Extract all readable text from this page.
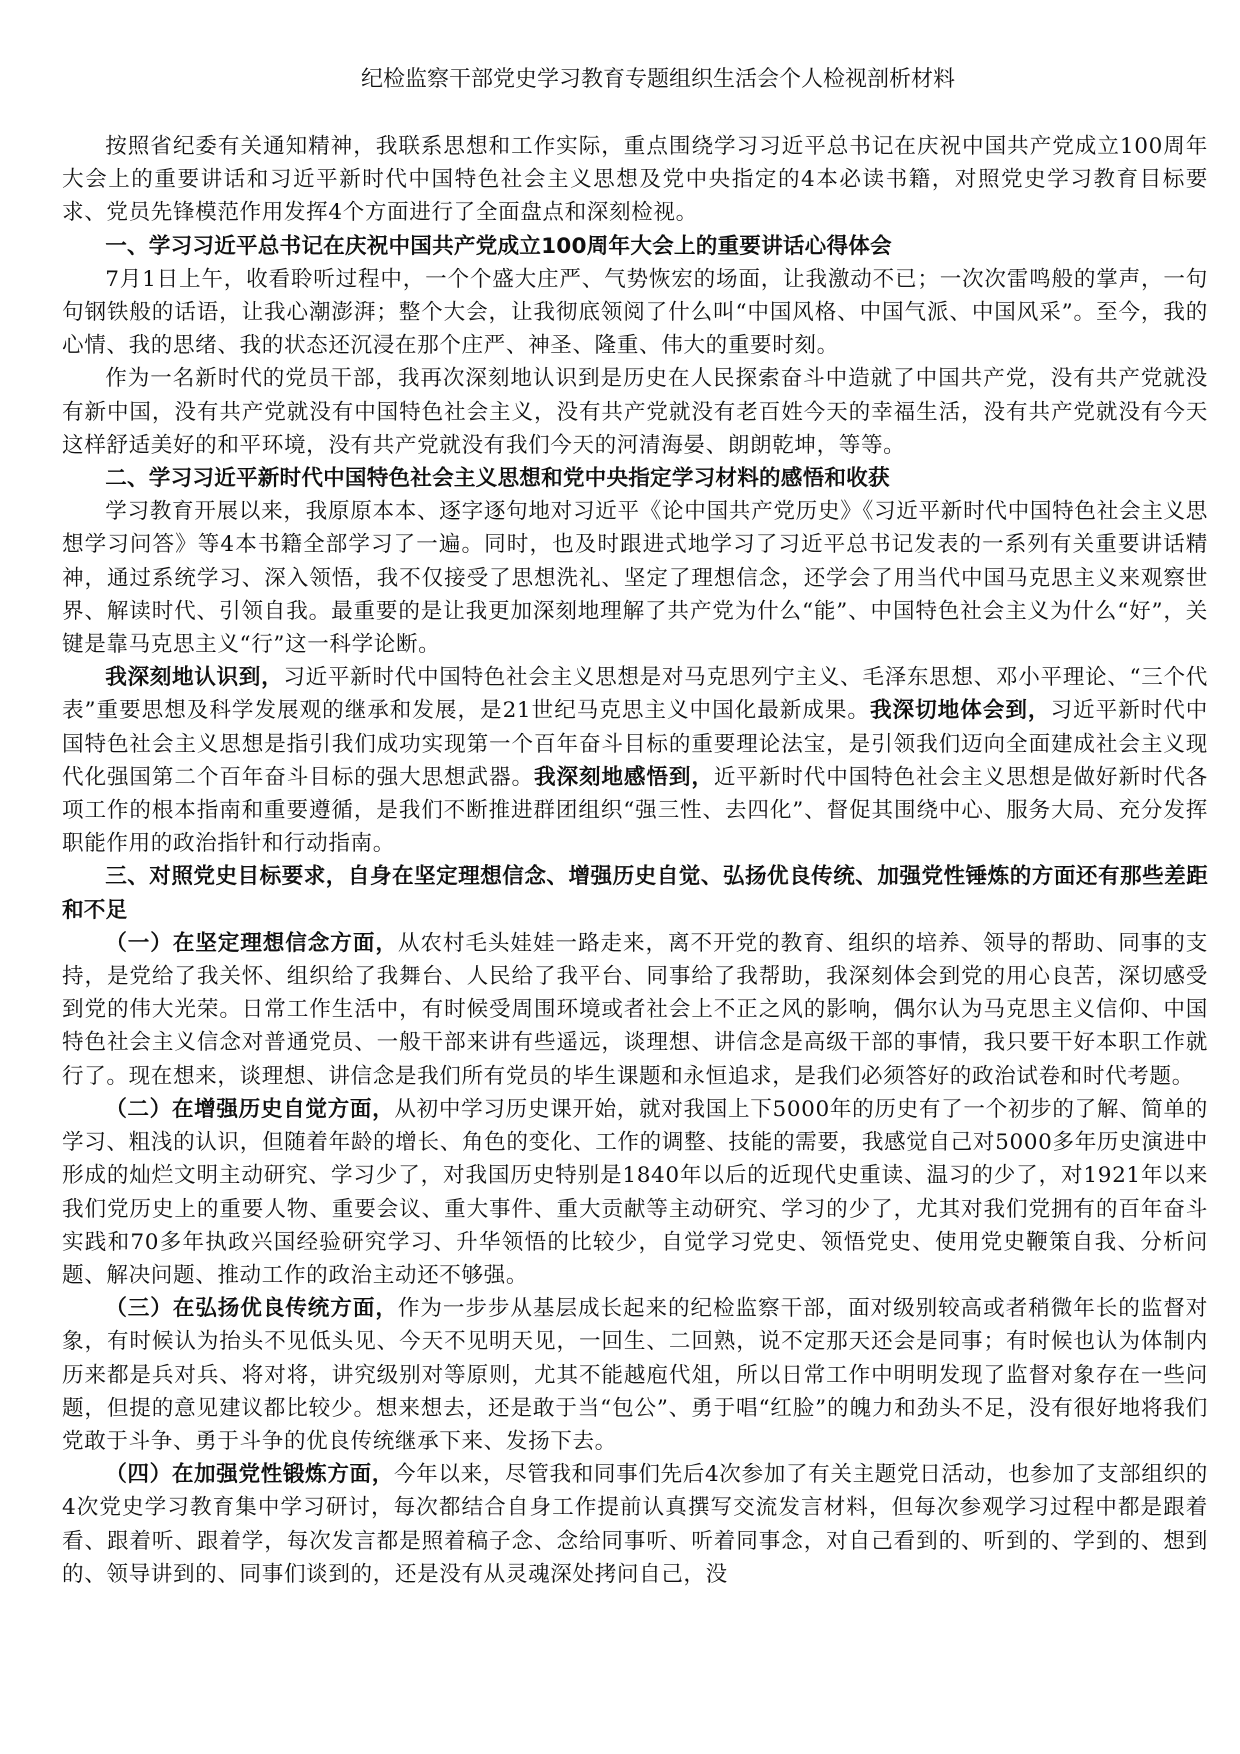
纪检监察干部党史学习教育专题组织生活会个人检视剖析材料

按照省纪委有关通知精神，我联系思想和工作实际，重点围绕学习习近平总书记在庆祝中国共产党成立100周年大会上的重要讲话和习近平新时代中国特色社会主义思想及党中央指定的4本必读书籍，对照党史学习教育目标要求、党员先锋模范作用发挥4个方面进行了全面盘点和深刻检视。

一、学习习近平总书记在庆祝中国共产党成立100周年大会上的重要讲话心得体会

7月1日上午，收看聆听过程中，一个个盛大庄严、气势恢宏的场面，让我激动不已；一次次雷鸣般的掌声，一句句钢铁般的话语，让我心潮澎湃；整个大会，让我彻底领阅了什么叫“中国风格、中国气派、中国风采”。至今，我的心情、我的思绪、我的状态还沉浸在那个庄严、神圣、隆重、伟大的重要时刻。

作为一名新时代的党员干部，我再次深刻地认识到是历史在人民探索奋斗中造就了中国共产党，没有共产党就没有新中国，没有共产党就没有中国特色社会主义，没有共产党就没有老百姓今天的幸福生活，没有共产党就没有今天这样舒适美好的和平环境，没有共产党就没有我们今天的河清海晏、朗朗乾坤，等等。

二、学习习近平新时代中国特色社会主义思想和党中央指定学习材料的感悟和收获

学习教育开展以来，我原原本本、逐字逐句地对习近平《论中国共产党历史》《习近平新时代中国特色社会主义思想学习问答》等4本书籍全部学习了一遍。同时，也及时跟进式地学习了习近平总书记发表的一系列有关重要讲话精神，通过系统学习、深入领悟，我不仅接受了思想洗礼、坚定了理想信念，还学会了用当代中国马克思主义来观察世界、解读时代、引领自我。最重要的是让我更加深刻地理解了共产党为什么“能”、中国特色社会主义为什么“好”，关键是靠马克思主义“行”这一科学论断。

我深刻地认识到，习近平新时代中国特色社会主义思想是对马克思列宁主义、毛泽东思想、邓小平理论、“三个代表”重要思想及科学发展观的继承和发展，是21世纪马克思主义中国化最新成果。我深切地体会到，习近平新时代中国特色社会主义思想是指引我们成功实现第一个百年奋斗目标的重要理论法宝，是引领我们迈向全面建成社会主义现代化强国第二个百年奋斗目标的强大思想武器。我深刻地感悟到，近平新时代中国特色社会主义思想是做好新时代各项工作的根本指南和重要遵循，是我们不断推进群团组织“强三性、去四化”、督促其围绕中心、服务大局、充分发挥职能作用的政治指针和行动指南。

三、对照党史目标要求，自身在坚定理想信念、增强历史自觉、弘扬优良传统、加强党性锤炼的方面还有那些差距和不足

（一）在坚定理想信念方面，从农村毛头娃娃一路走来，离不开党的教育、组织的培养、领导的帮助、同事的支持，是党给了我关怀、组织给了我舞台、人民给了我平台、同事给了我帮助，我深刻体会到党的用心良苦，深切感受到党的伟大光荣。日常工作生活中，有时候受周围环境或者社会上不正之风的影响，偶尔认为马克思主义信仰、中国特色社会主义信念对普通党员、一般干部来讲有些遥远，谈理想、讲信念是高级干部的事情，我只要干好本职工作就行了。现在想来，谈理想、讲信念是我们所有党员的毕生课题和永恒追求，是我们必须答好的政治试卷和时代考题。

（二）在增强历史自觉方面，从初中学习历史课开始，就对我国上下5000年的历史有了一个初步的了解、简单的学习、粗浅的认识，但随着年龄的增长、角色的变化、工作的调整、技能的需要，我感觉自己对5000多年历史演进中形成的灿烂文明主动研究、学习少了，对我国历史特别是1840年以后的近现代史重读、温习的少了，对1921年以来我们党历史上的重要人物、重要会议、重大事件、重大贡献等主动研究、学习的少了，尤其对我们党拥有的百年奋斗实践和70多年执政兴国经验研究学习、升华领悟的比较少，自觉学习党史、领悟党史、使用党史鞭策自我、分析问题、解决问题、推动工作的政治主动还不够强。

（三）在弘扬优良传统方面，作为一步步从基层成长起来的纪检监察干部，面对级别较高或者稍微年长的监督对象，有时候认为抬头不见低头见、今天不见明天见，一回生、二回熟，说不定那天还会是同事；有时候也认为体制内历来都是兵对兵、将对将，讲究级别对等原则，尤其不能越庖代俎，所以日常工作中明明发现了监督对象存在一些问题，但提的意见建议都比较少。想来想去，还是敢于当“包公”、勇于唱“红脸”的魄力和劲头不足，没有很好地将我们党敢于斗争、勇于斗争的优良传统继承下来、发扬下去。

（四）在加强党性锻炼方面，今年以来，尽管我和同事们先后4次参加了有关主题党日活动，也参加了支部组织的4次党史学习教育集中学习研讨，每次都结合自身工作提前认真撰写交流发言材料，但每次参观学习过程中都是跟着看、跟着听、跟着学，每次发言都是照着稿子念、念给同事听、听着同事念，对自己看到的、听到的、学到的、想到的、领导讲到的、同事们谈到的，还是没有从灵魂深处拷问自己，没
